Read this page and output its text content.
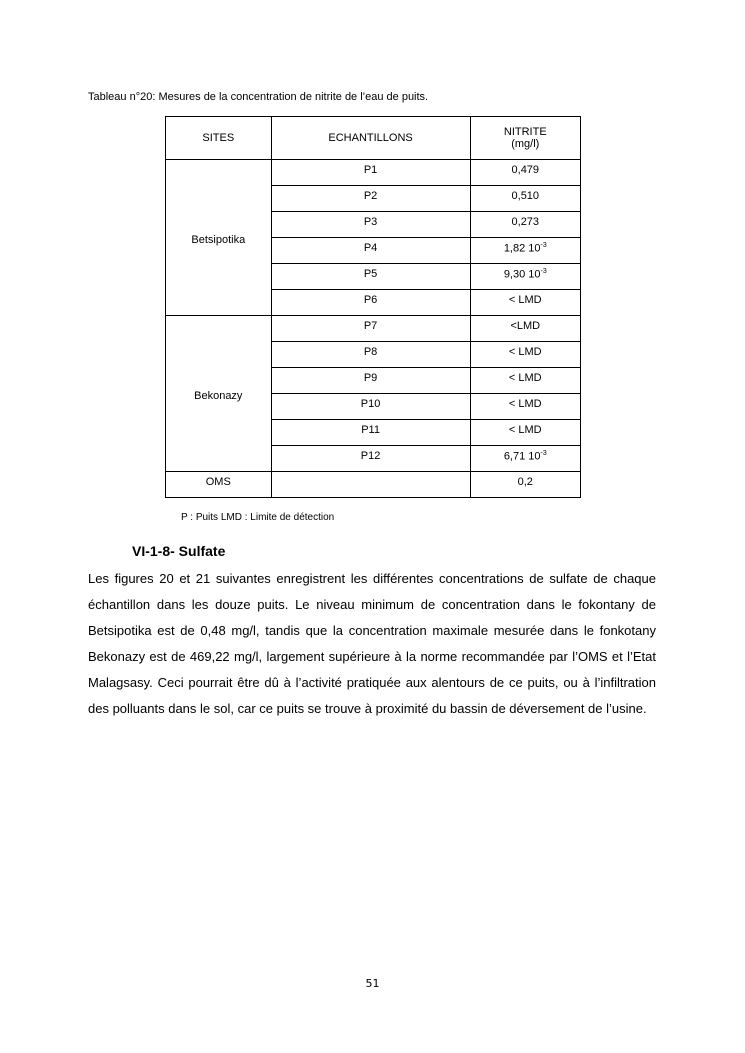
Tableau n°20: Mesures de la concentration de nitrite de l’eau de puits.
SITES	ECHANTILLONS	NITRITE
(mg/l)
Betsipotika	P1	0,479
	P2	0,510
	P3	0,273
	P4	1,82 $10^{-3}$
	P5	9,30 $10^{-3}$
	P6	< LMD
Bekonazy	P7	<LMD
	P8	< LMD
	P9	< LMD
	P10	< LMD
	P11	< LMD
	P12	6,71 $10^{-3}$
OMS		0,2
P : Puits LMD : Limite de détection
VI-1-8- Sulfate

Les figures 20 et 21 suivantes enregistrent les différentes concentrations de sulfate de chaque échantillon dans les douze puits. Le niveau minimum de concentration dans le fokontany de Betsipotika est de 0,48 mg/l, tandis que la concentration maximale mesurée dans le fonkotany Bekonazy est de 469,22 mg/l, largement supérieure à la norme recommandée par l’OMS et l’Etat Malagsasy. Ceci pourrait être dû à l’activité pratiquée aux alentours de ce puits, ou à l’infiltration des polluants dans le sol, car ce puits se trouve à proximité du bassin de déversement de l’usine.

51
